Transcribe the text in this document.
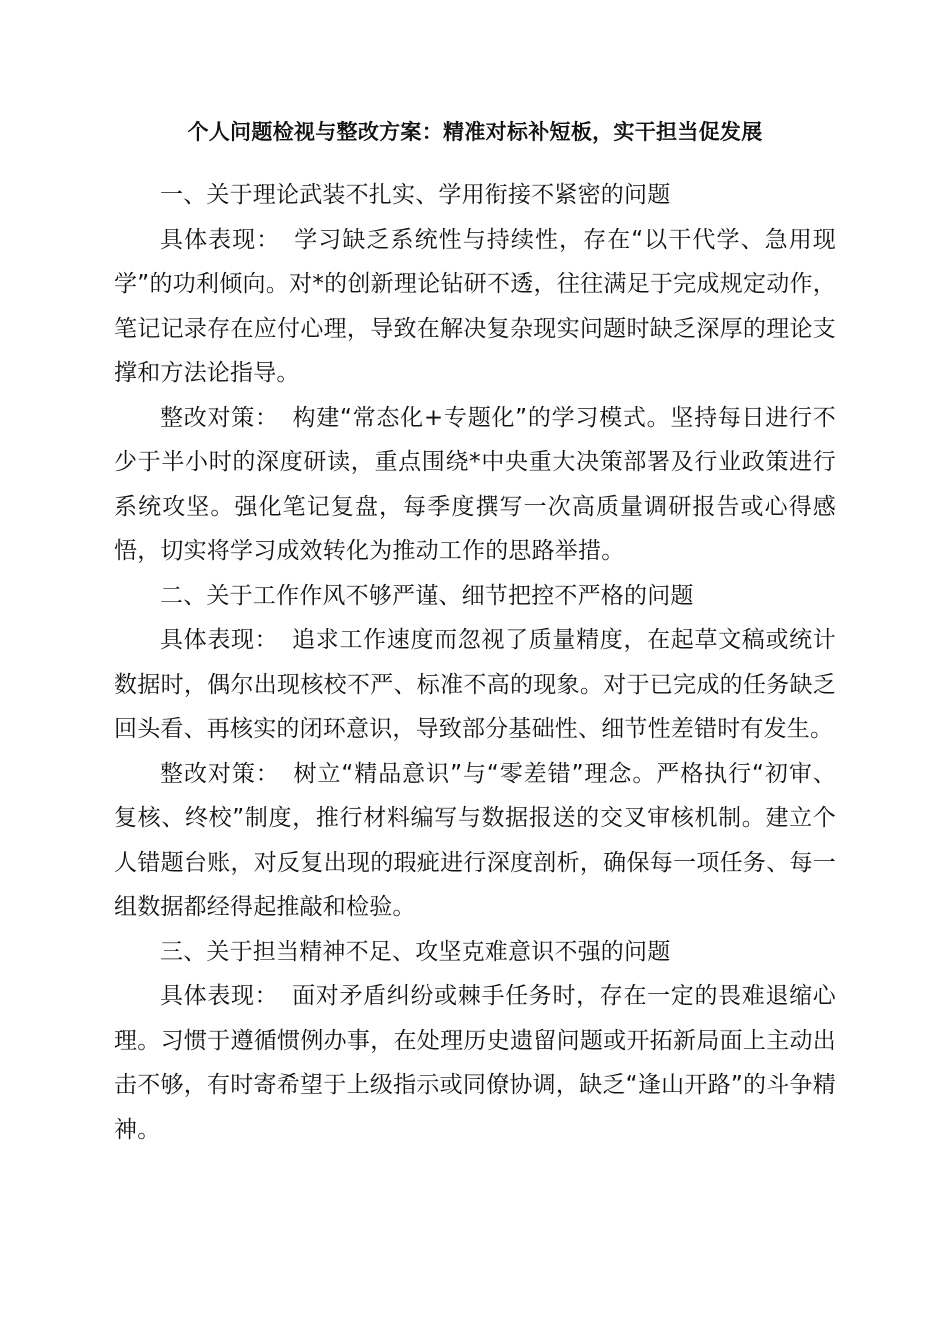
个人问题检视与整改方案：精准对标补短板，实干担当促发展

一、关于理论武装不扎实、学用衔接不紧密的问题

具体表现： 学习缺乏系统性与持续性，存在“以干代学、急用现学”的功利倾向。对*的创新理论钻研不透，往往满足于完成规定动作，笔记记录存在应付心理，导致在解决复杂现实问题时缺乏深厚的理论支撑和方法论指导。

整改对策： 构建“常态化+专题化”的学习模式。坚持每日进行不少于半小时的深度研读，重点围绕*中央重大决策部署及行业政策进行系统攻坚。强化笔记复盘，每季度撰写一次高质量调研报告或心得感悟，切实将学习成效转化为推动工作的思路举措。

二、关于工作作风不够严谨、细节把控不严格的问题

具体表现： 追求工作速度而忽视了质量精度，在起草文稿或统计数据时，偶尔出现核校不严、标准不高的现象。对于已完成的任务缺乏回头看、再核实的闭环意识，导致部分基础性、细节性差错时有发生。

整改对策： 树立“精品意识”与“零差错”理念。严格执行“初审、复核、终校”制度，推行材料编写与数据报送的交叉审核机制。建立个人错题台账，对反复出现的瑕疵进行深度剖析，确保每一项任务、每一组数据都经得起推敲和检验。

三、关于担当精神不足、攻坚克难意识不强的问题

具体表现： 面对矛盾纠纷或棘手任务时，存在一定的畏难退缩心理。习惯于遵循惯例办事，在处理历史遗留问题或开拓新局面上主动出击不够，有时寄希望于上级指示或同僚协调，缺乏“逢山开路”的斗争精神。
